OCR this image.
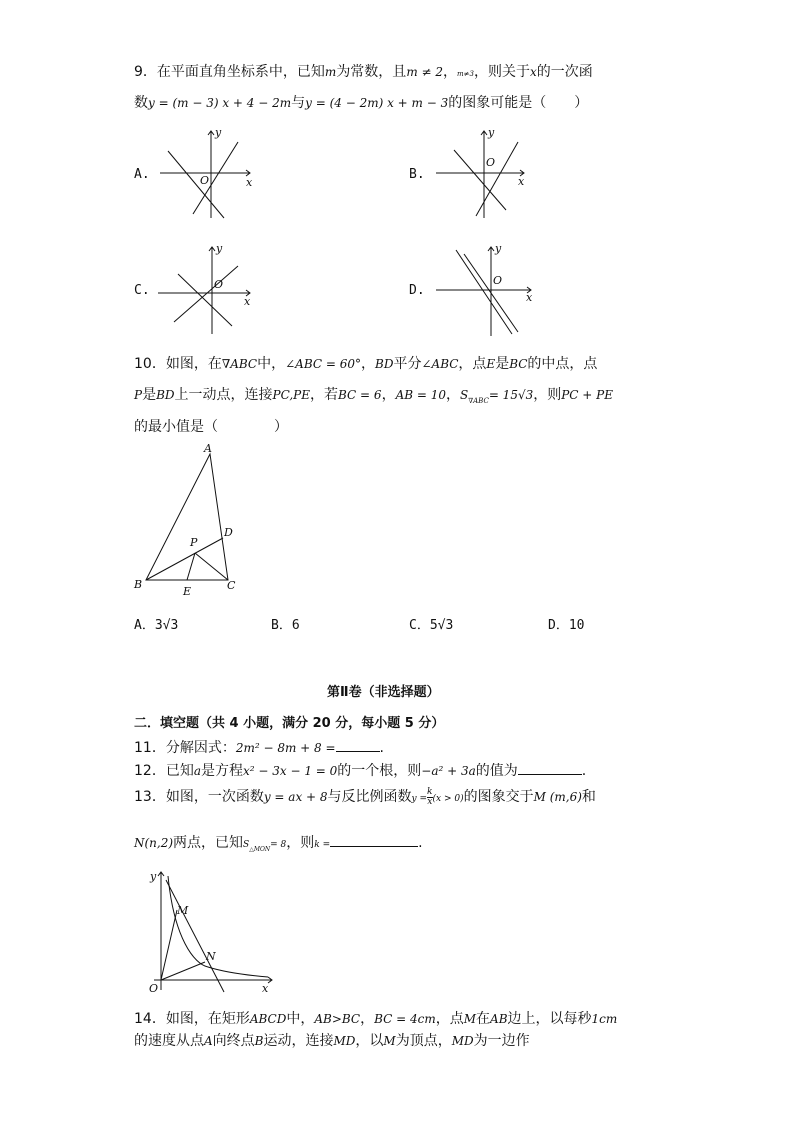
9．在平面直角坐标系中，已知m为常数，且m ≠ 2，m≠3，则关于x的一次函
数y = (m − 3) x + 4 − 2m与y = (4 − 2m) x + m − 3的图象可能是（　　）
A.
y
O	x
B.
y
O
x
C.
y
O
x
D.
y
O
x
10．如图，在∇ABC中，∠ABC = 60°，BD平分∠ABC，点E是BC的中点，点
P是BD上一动点，连接PC,PE，若BC = 6，AB = 10，$S_{\nabla ABC}= 15√3$，则PC + PE
的最小值是（　　　　）
A
D
P
B
E	C
A．3√3	B．6	C．5√3	D．10
第Ⅱ卷（非选择题）
二．填空题（共 4 小题，满分 20 分，每小题 5 分）
11．分解因式：2m² − 8m + 8 =	.
12．已知a是方程x² − 3x − 1 = 0的一个根，则−a² + 3a的值为	.
13．如图，一次函数y = ax + 8与反比例函数$y = \frac{k}{x} (x > 0)$的图象交于M (m,6)和
N(n,2)两点，已知$S_{\triangle MON}= 8$，则k =	.
y
M
N
O	x
14．如图，在矩形ABCD中，AB>BC，BC = 4cm，点M在AB边上，以每秒1cm
的速度从点A向终点B运动，连接MD，以M为顶点，MD为一边作
